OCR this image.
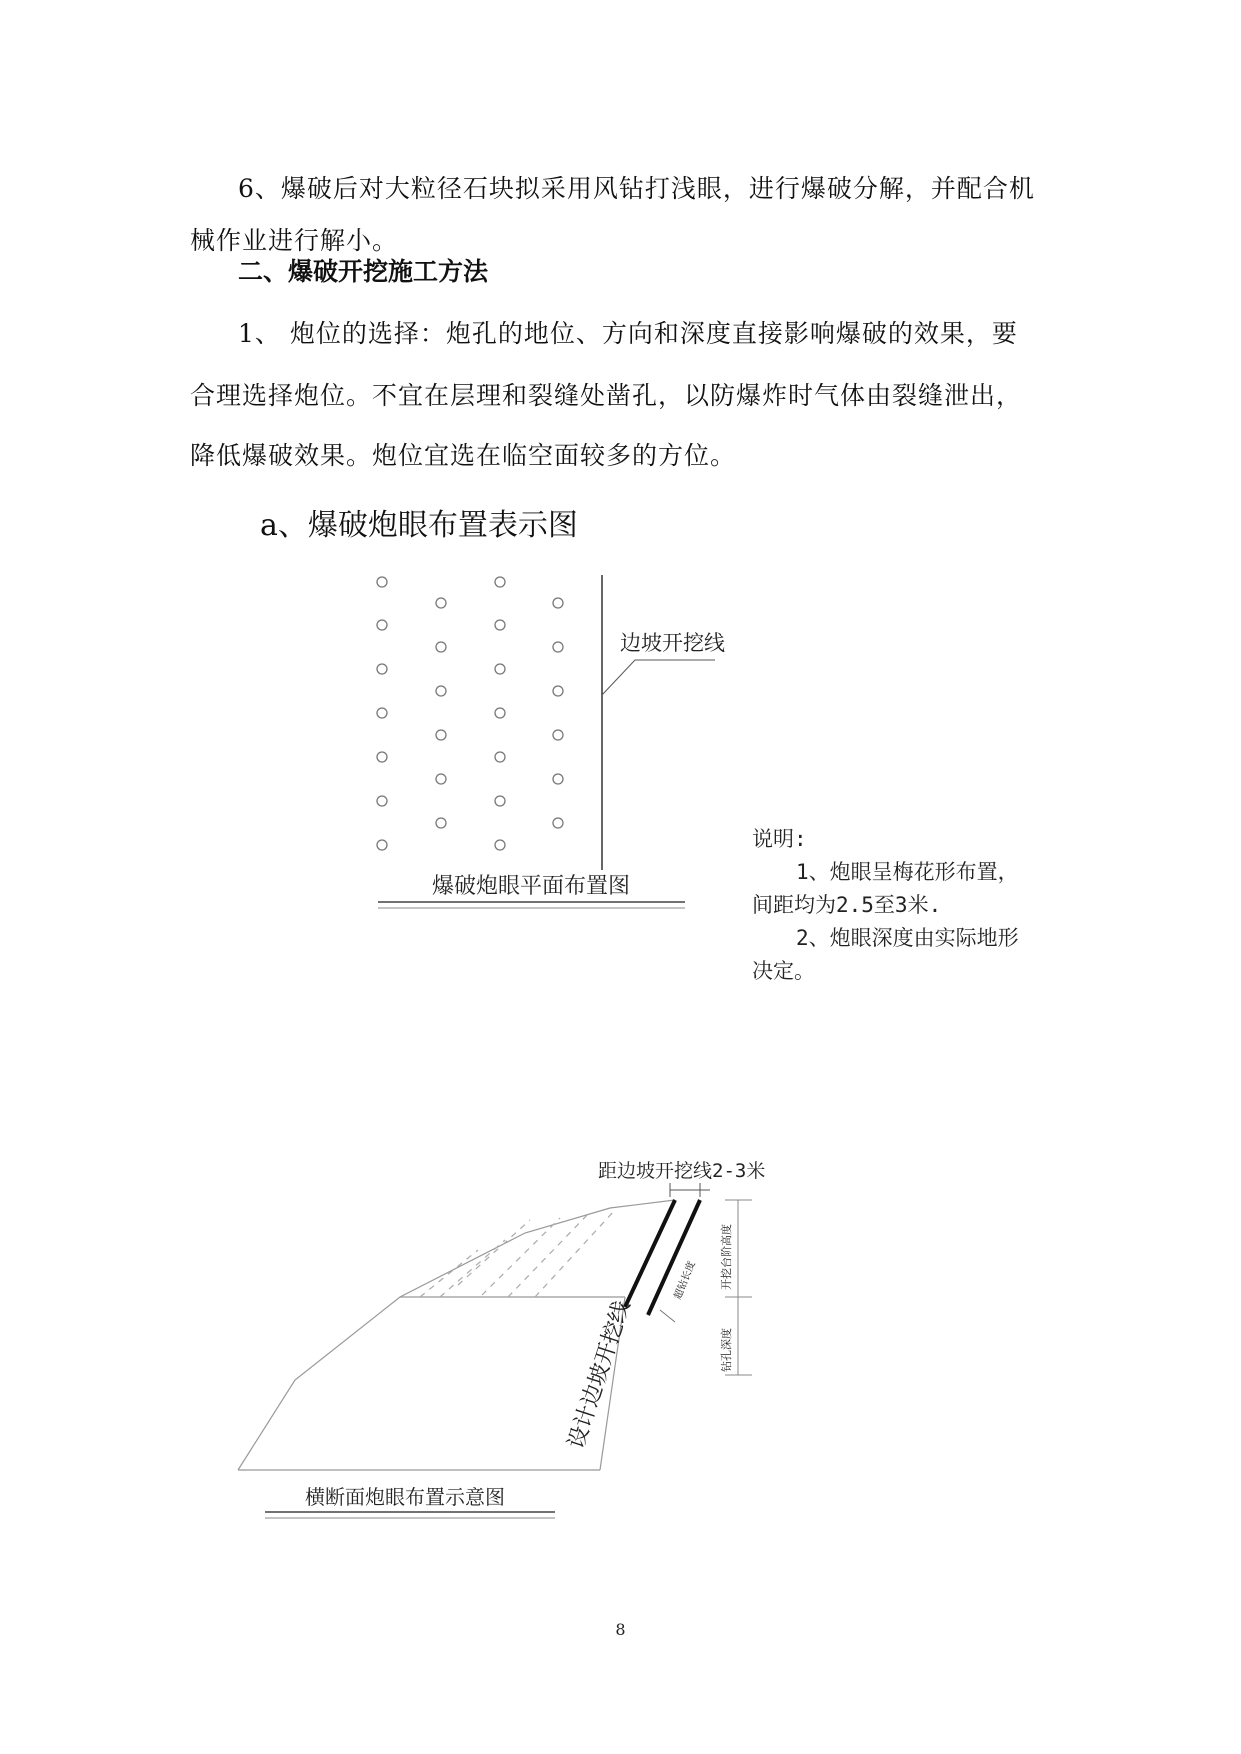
6、爆破后对大粒径石块拟采用风钻打浅眼，进行爆破分解，并配合机

械作业进行解小。

二、爆破开挖施工方法

1、 炮位的选择：炮孔的地位、方向和深度直接影响爆破的效果，要

合理选择炮位。不宜在层理和裂缝处凿孔，以防爆炸时气体由裂缝泄出，

降低爆破效果。炮位宜选在临空面较多的方位。

a、爆破炮眼布置表示图

边坡开挖线
爆破炮眼平面布置图
距边坡开挖线2-3米
开挖台阶高度
钻孔深度
超钻长度
设计边坡开挖线
横断面炮眼布置示意图
说明:
1、炮眼呈梅花形布置，
间距均为2.5至3米.
2、炮眼深度由实际地形
决定。
8
